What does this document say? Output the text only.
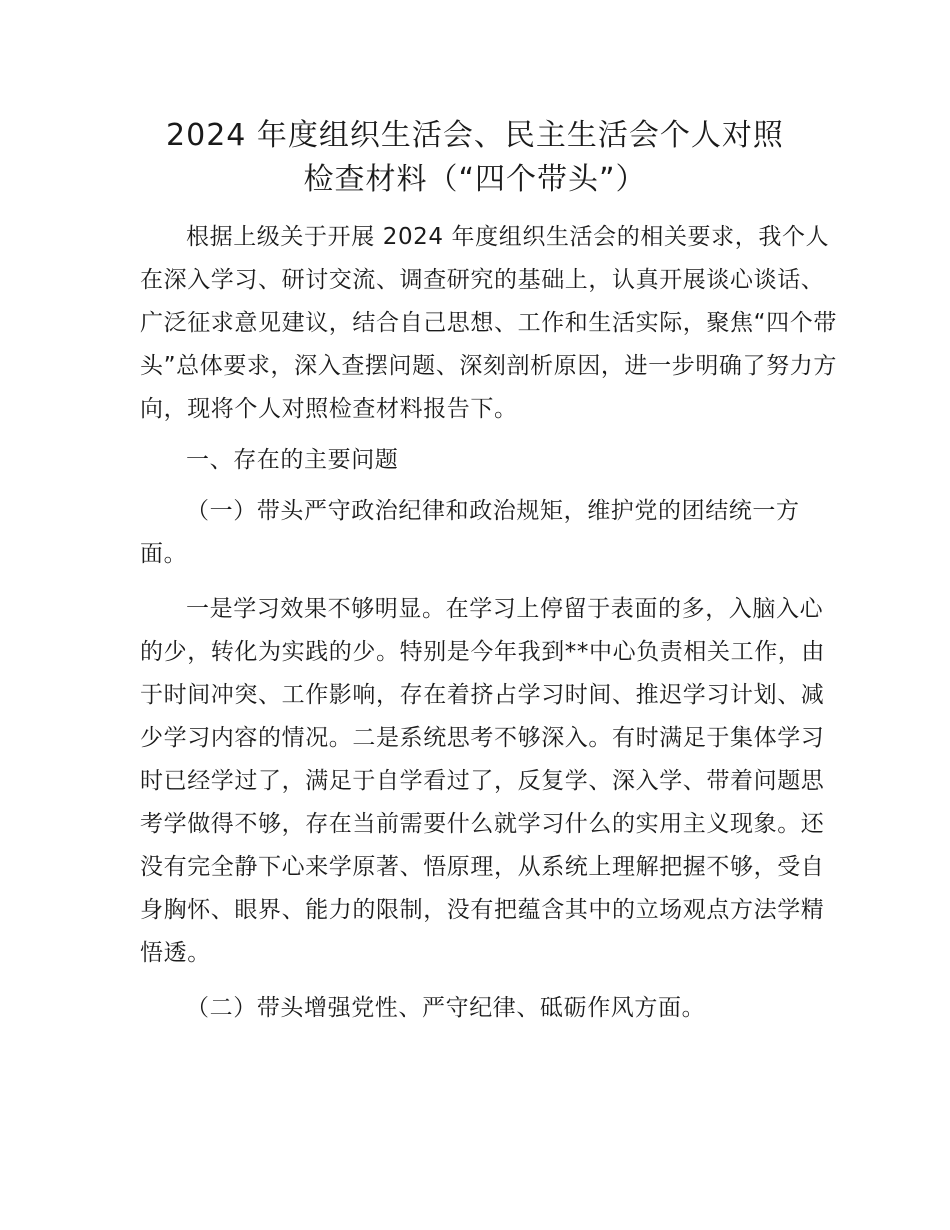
2024 年度组织生活会、民主生活会个人对照
检查材料（“四个带头”）

根据上级关于开展 2024 年度组织生活会的相关要求，我个人在深入学习、研讨交流、调查研究的基础上，认真开展谈心谈话、广泛征求意见建议，结合自己思想、工作和生活实际，聚焦“四个带头”总体要求，深入查摆问题、深刻剖析原因，进一步明确了努力方向，现将个人对照检查材料报告下。

一、存在的主要问题

（一）带头严守政治纪律和政治规矩，维护党的团结统一方面。

一是学习效果不够明显。在学习上停留于表面的多，入脑入心的少，转化为实践的少。特别是今年我到**中心负责相关工作，由于时间冲突、工作影响，存在着挤占学习时间、推迟学习计划、减少学习内容的情况。二是系统思考不够深入。有时满足于集体学习时已经学过了，满足于自学看过了，反复学、深入学、带着问题思考学做得不够，存在当前需要什么就学习什么的实用主义现象。还没有完全静下心来学原著、悟原理，从系统上理解把握不够，受自身胸怀、眼界、能力的限制，没有把蕴含其中的立场观点方法学精悟透。

（二）带头增强党性、严守纪律、砥砺作风方面。
